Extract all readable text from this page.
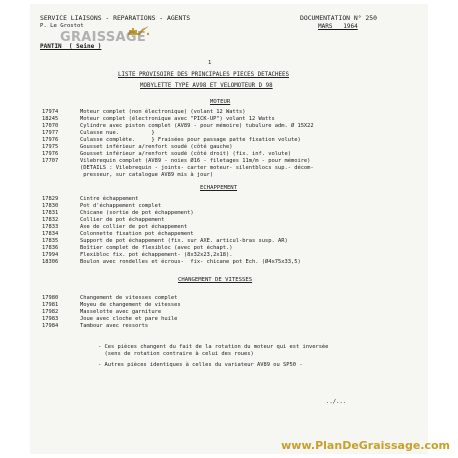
SERVICE LIAISONS - REPARATIONS - AGENTS
P. Le Grostot
GRAISSAGE
PANTIN  ( Seine )
DOCUMENTATION N° 250
MARS   1964
1
LISTE PROVISOIRE DES PRINCIPALES PIECES DETACHEES
MOBYLETTE TYPE AV98 ET VELOMOTEUR D 98
MOTEUR
17974	Moteur complet (non électronique) (volant 12 Watts)
18245	Moteur complet (électronique avec "PICK-UP") volant 12 Watts
17070	Cylindre avec piston complet (AV89 - pour mémoire) tubulure adm. Ø 15X22
17977	Culasse nue.          }
17976	Culasse complète.     } Fraisées pour passage patte fixation volute)
17975	Gousset inférieur a/renfort soudé (côté gauche)
17976	Gousset inférieur a/renfort soudé (côté droit) (fix. inf. volute)
17707	Vilebrequin complet (AV89 - noies Ø16 - filetages 11m/m - pour mémoire)
(DETAILS : Vilebrequin - joints- carter moteur- silentblocs sup.- décom-
presseur, sur catalogue AV89 mis à jour)
ECHAPPEMENT
17829	Cintre échappement
17830	Pot d'échappement complet
17831	Chicane (sortie de pot échappement)
17832	Collier de pot échappement
17833	Axe de collier de pot échappement
17834	Colonnette fixation pot échappement
17835	Support de pot échappement (fix. sur AXE. articul-bras susp. AR)
17836	Boîtier complet de flexibloc (avec pot échapt.)
17994	Flexibloc fix. pot échappement- (8x32x23,2x18).
18306	Boulon avec rondelles et écrous-  fix- chicane pot Ech. (Ø4x75x33,5)
CHANGEMENT DE VITESSES
17980	Changement de vitesses complet
17981	Moyeu de changement de vitesses
17982	Masselotte avec garniture
17983	Joue avec cloche et pare huile
17984	Tambour avec ressorts
- Ces pièces changent du fait de la rotation du moteur qui est inversée
(sens de rotation contraire à celui des roues)
- Autres pièces identiques à celles du variateur AV89 ou SP50 -
../...
www.PlanDeGraissage.com
